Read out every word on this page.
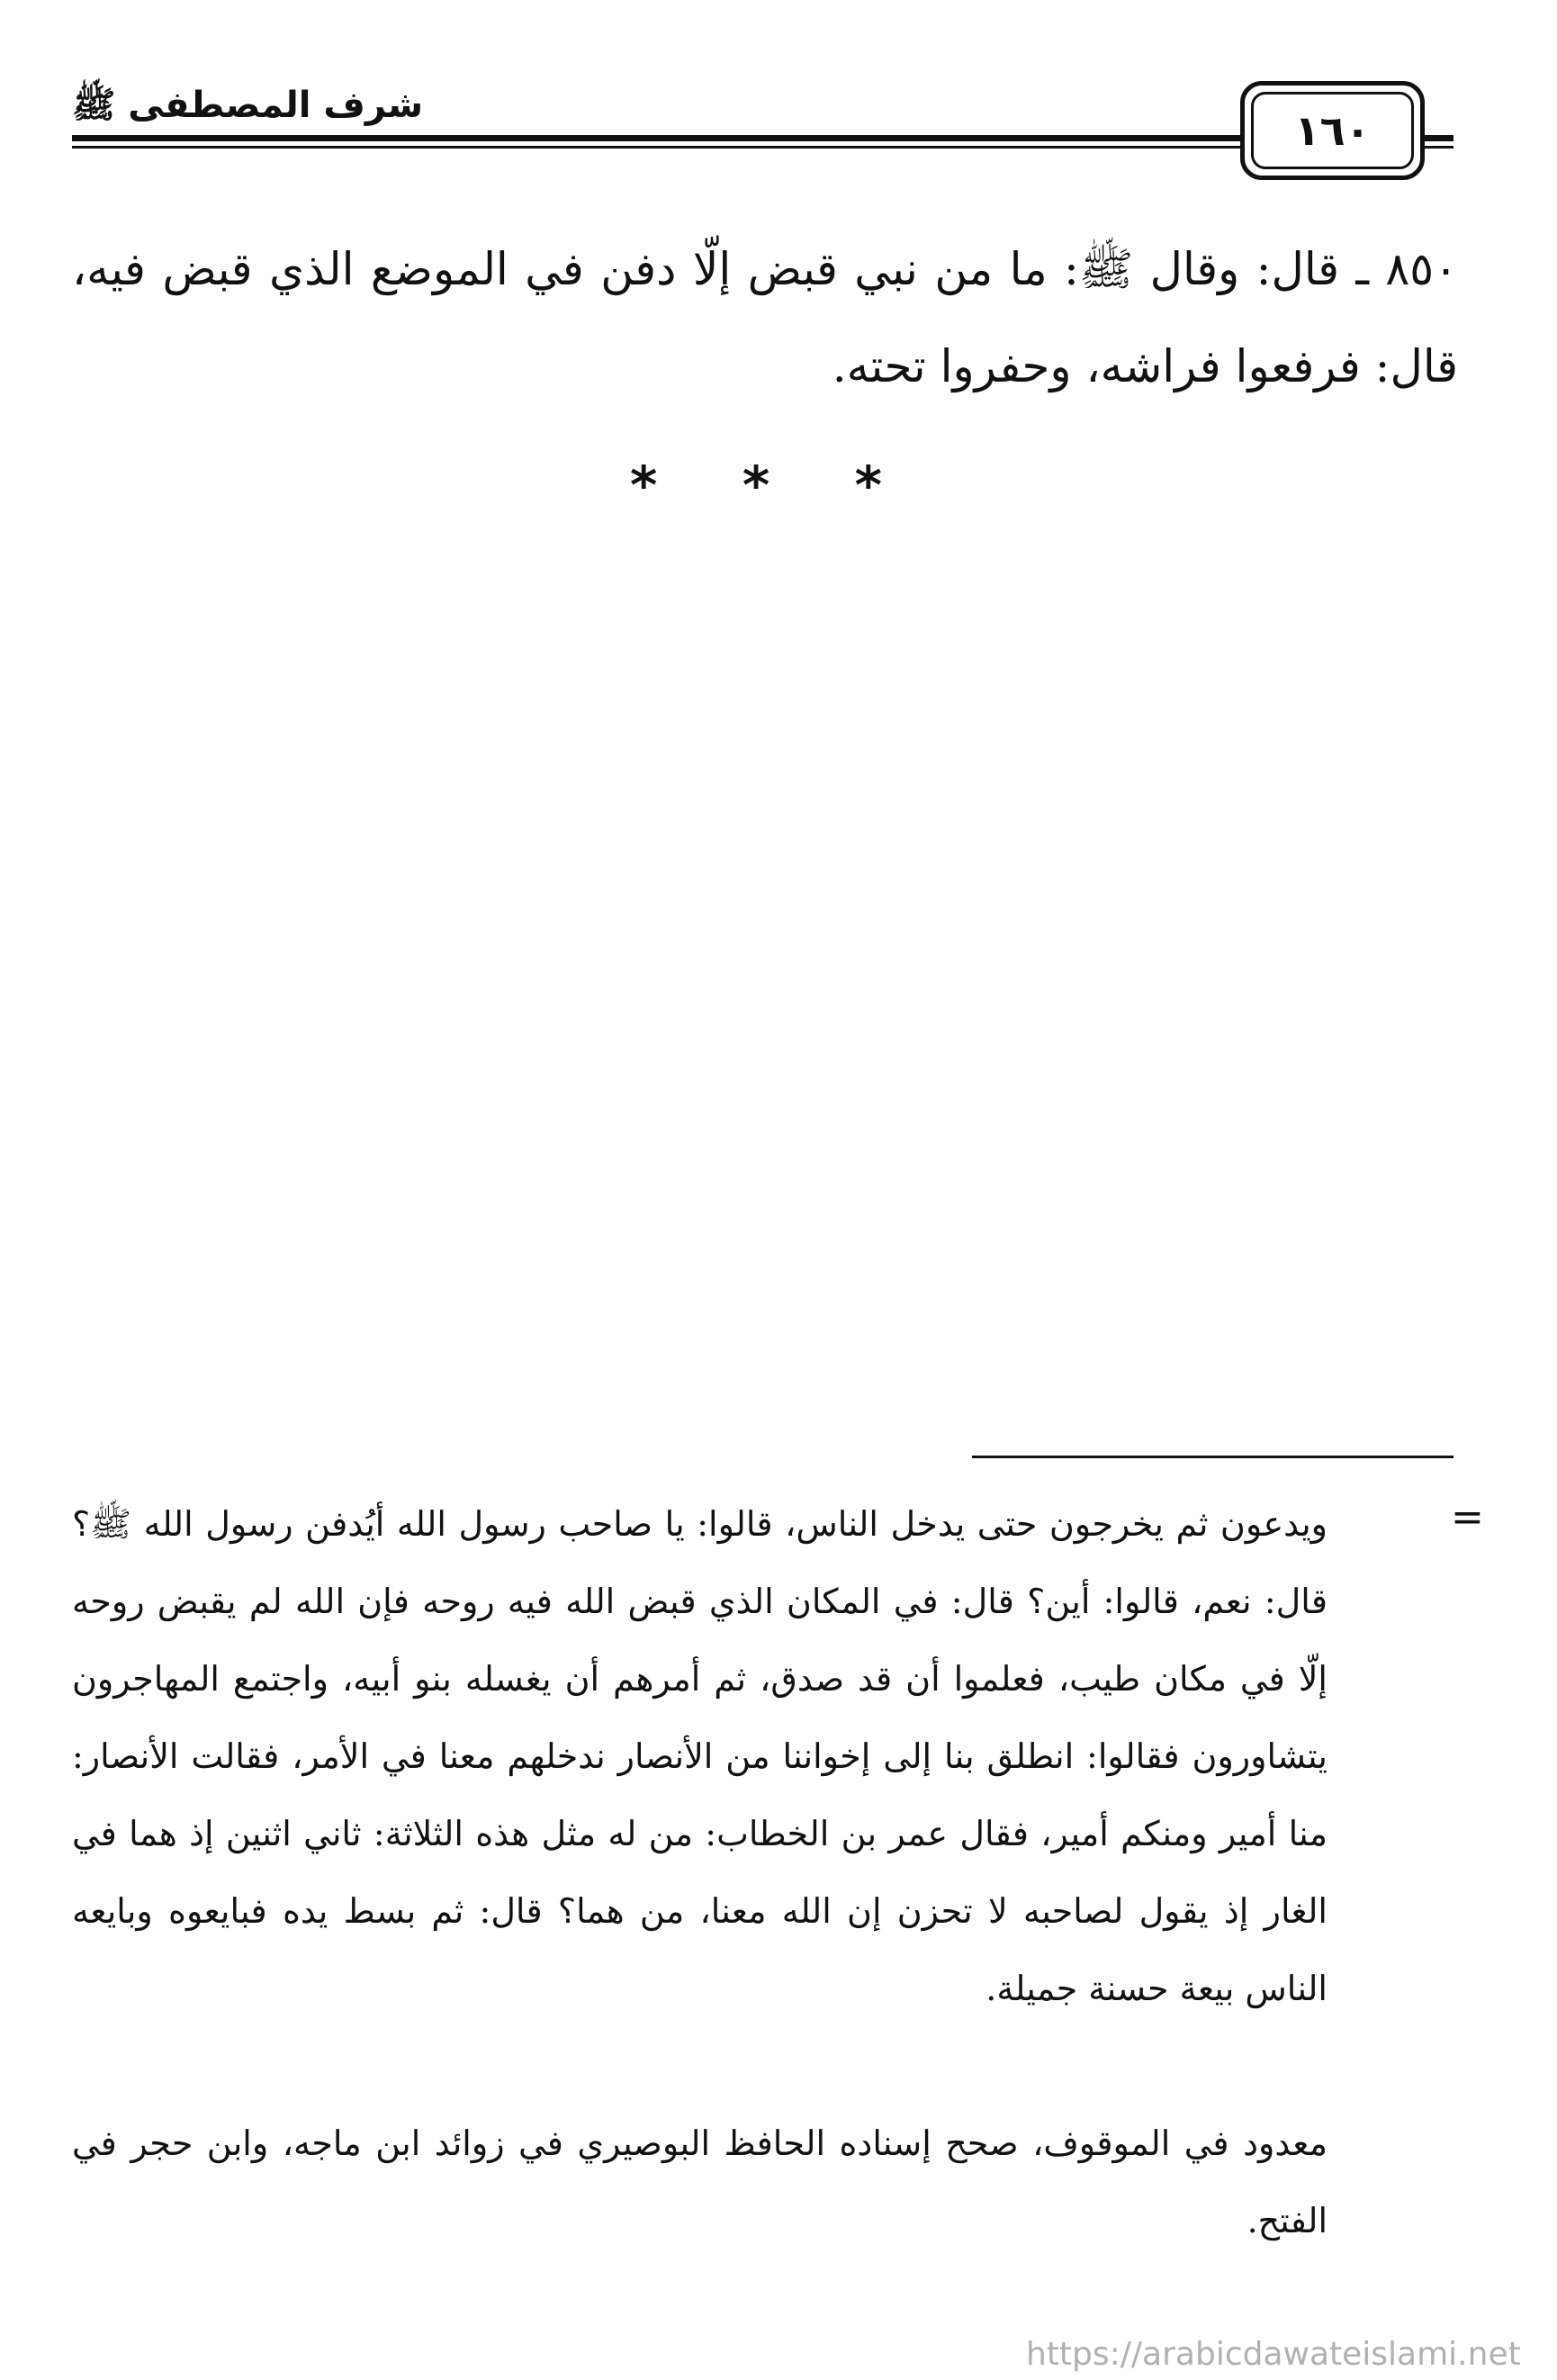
شرف المصطفى ﷺ
١٦٠

٨٥٠ ـ قال: وقال ﷺ: ما من نبي قبض إلّا دفن في الموضع الذي قبض فيه، قال: فرفعوا فراشه، وحفروا تحته.

* * *
=

ويدعون ثم يخرجون حتى يدخل الناس، قالوا: يا صاحب رسول الله أيُدفن رسول الله ﷺ؟ قال: نعم، قالوا: أين؟ قال: في المكان الذي قبض الله فيه روحه فإن الله لم يقبض روحه إلّا في مكان طيب، فعلموا أن قد صدق، ثم أمرهم أن يغسله بنو أبيه، واجتمع المهاجرون يتشاورون فقالوا: انطلق بنا إلى إخواننا من الأنصار ندخلهم معنا في الأمر، فقالت الأنصار: منا أمير ومنكم أمير، فقال عمر بن الخطاب: من له مثل هذه الثلاثة: ثاني اثنين إذ هما في الغار إذ يقول لصاحبه لا تحزن إن الله معنا، من هما؟ قال: ثم بسط يده فبايعوه وبايعه الناس بيعة حسنة جميلة.

معدود في الموقوف، صحح إسناده الحافظ البوصيري في زوائد ابن ماجه، وابن حجر في الفتح.

https://arabicdawateislami.net
